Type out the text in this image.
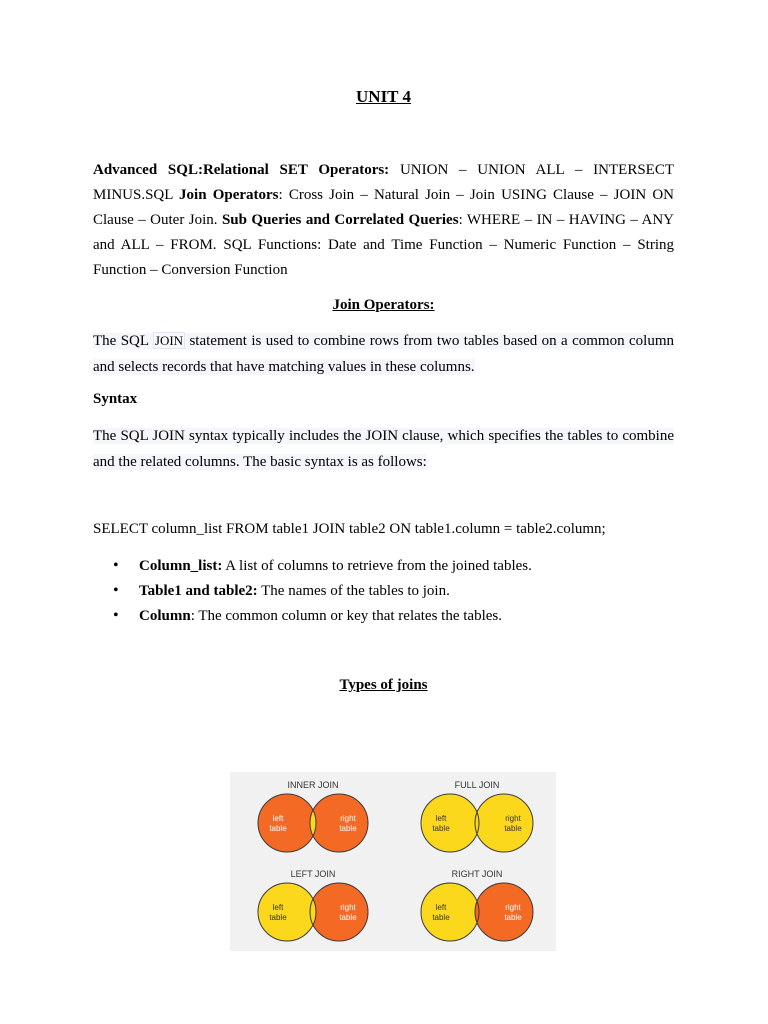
UNIT 4

Advanced SQL:Relational SET Operators: UNION – UNION ALL – INTERSECT MINUS.SQL Join Operators: Cross Join – Natural Join – Join USING Clause – JOIN ON Clause – Outer Join. Sub Queries and Correlated Queries: WHERE – IN – HAVING – ANY and ALL – FROM. SQL Functions: Date and Time Function – Numeric Function – String Function – Conversion Function

Join Operators:

The SQL JOIN statement is used to combine rows from two tables based on a common column and selects records that have matching values in these columns.

Syntax

The SQL JOIN syntax typically includes the JOIN clause, which specifies the tables to combine and the related columns. The basic syntax is as follows:

SELECT column_list FROM table1 JOIN table2 ON table1.column = table2.column;
• Column_list: A list of columns to retrieve from the joined tables.
• Table1 and table2: The names of the tables to join.
• Column: The common column or key that relates the tables.
Types of joins
INNER JOIN
left
table
right
table
FULL JOIN
left
table
right
table
LEFT JOIN
left
table
right
table
RIGHT JOIN
left
table
right
table
